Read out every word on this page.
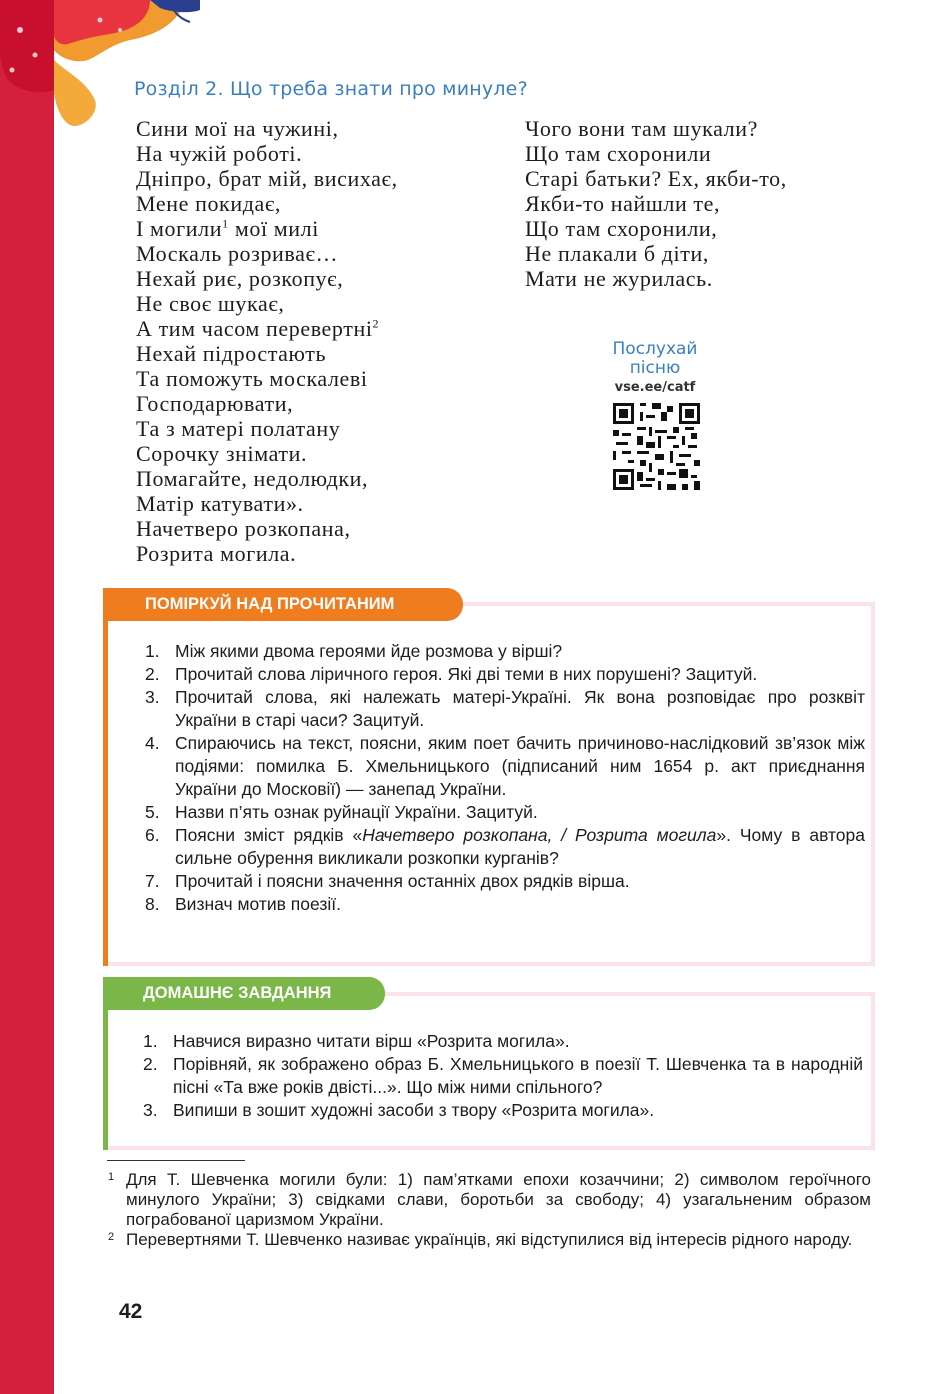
Розділ 2. Що треба знати про минуле?
Сини мої на чужині,
На чужій роботі.
Дніпро, брат мій, висихає,
Мене покидає,
І могили$^1$ мої милі
Москаль розриває…
Нехай риє, розкопує,
Не своє шукає,
А тим часом перевертні$^2$
Нехай підростають
Та поможуть москалеві
Господарювати,
Та з матері полатану
Сорочку знімати.
Помагайте, недолюдки,
Матір катувати».
Начетверо розкопана,
Розрита могила.
Чого вони там шукали?
Що там схоронили
Старі батьки? Ех, якби-то,
Якби-то найшли те,
Що там схоронили,
Не плакали б діти,
Мати не журилась.
Послухай
пісню
vse.ee/catf
ПОМІРКУЙ НАД ПРОЧИТАНИМ
1. Між якими двома героями йде розмова у вірші?
2. Прочитай слова ліричного героя. Які дві теми в них порушені? Зацитуй.
3. Прочитай слова, які належать матері-Україні. Як вона розповідає про розквіт України в старі часи? Зацитуй.
4. Спираючись на текст, поясни, яким поет бачить причиново-наслідковий зв’язок між подіями: помилка Б. Хмельницького (підписаний ним 1654 р. акт приєднання України до Московії) — занепад України.
5. Назви п’ять ознак руйнації України. Зацитуй.
6. Поясни зміст рядків «Начетверо розкопана, / Розрита могила». Чому в автора сильне обурення викликали розкопки курганів?
7. Прочитай і поясни значення останніх двох рядків вірша.
8. Визнач мотив поезії.
ДОМАШНЄ ЗАВДАННЯ
1. Навчися виразно читати вірш «Розрита могила».
2. Порівняй, як зображено образ Б. Хмельницького в поезії Т. Шевченка та в народній пісні «Та вже років двісті...». Що між ними спільного?
3. Випиши в зошит художні засоби з твору «Розрита могила».
1 Для Т. Шевченка могили були: 1) пам’ятками епохи козаччини; 2) символом героїчного минулого України; 3) свідками слави, боротьби за свободу; 4) узагальненим образом пограбованої царизмом України.
2 Перевертнями Т. Шевченко називає українців, які відступилися від інтересів рідного народу.
42
